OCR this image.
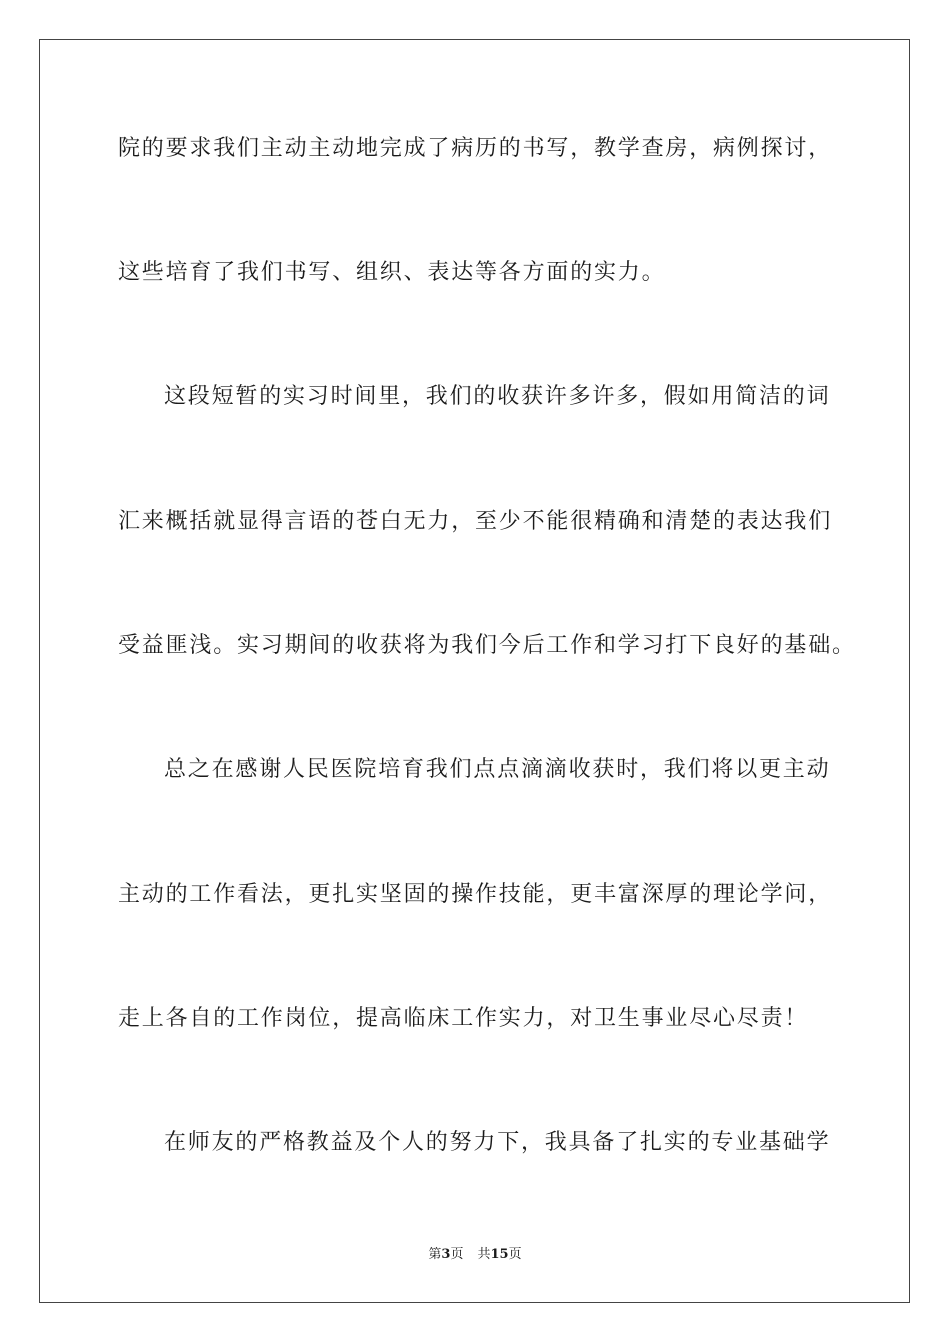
院的要求我们主动主动地完成了病历的书写，教学查房，病例探讨，
这些培育了我们书写、组织、表达等各方面的实力。
这段短暂的实习时间里，我们的收获许多许多，假如用简洁的词
汇来概括就显得言语的苍白无力，至少不能很精确和清楚的表达我们
受益匪浅。实习期间的收获将为我们今后工作和学习打下良好的基础。
总之在感谢人民医院培育我们点点滴滴收获时，我们将以更主动
主动的工作看法，更扎实坚固的操作技能，更丰富深厚的理论学问，
走上各自的工作岗位，提高临床工作实力，对卫生事业尽心尽责！
在师友的严格教益及个人的努力下，我具备了扎实的专业基础学
第3页 共15页
